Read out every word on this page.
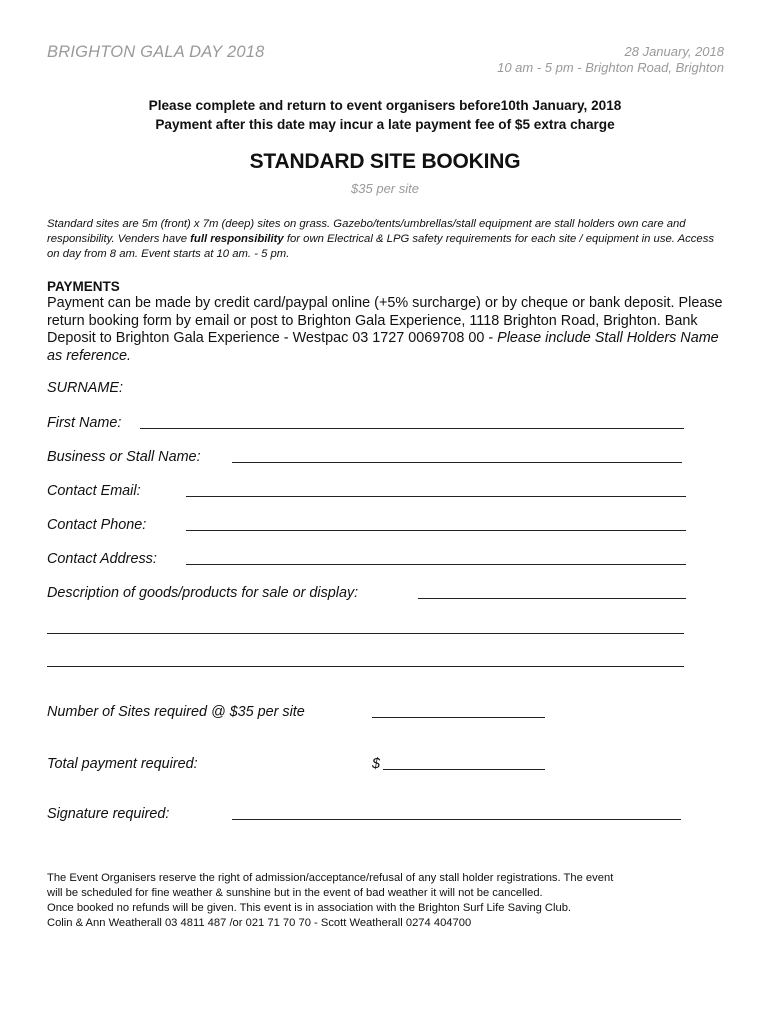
BRIGHTON GALA DAY 2018	28 January, 2018
10 am - 5 pm - Brighton Road, Brighton
Please complete and return to event organisers before10th January, 2018
Payment after this date may incur a late payment fee of $5 extra charge
STANDARD SITE BOOKING
$35 per site
Standard sites are 5m (front) x 7m (deep) sites on grass. Gazebo/tents/umbrellas/stall equipment are stall holders own care and responsibility. Venders have full responsibility for own Electrical & LPG safety requirements for each site / equipment in use. Access on day from 8 am. Event starts at 10 am. - 5 pm.
PAYMENTS
Payment can be made by credit card/paypal online (+5% surcharge) or by cheque or bank deposit. Please return booking form by email or post to Brighton Gala Experience, 1118 Brighton Road, Brighton. Bank Deposit to Brighton Gala Experience - Westpac 03 1727 0069708 00 - Please include Stall Holders Name as reference.
SURNAME:
First Name:
Business or Stall Name:
Contact Email:
Contact Phone:
Contact Address:
Description of goods/products for sale or display:
Number of Sites required @ $35 per site
Total payment required:	$
Signature required:
The Event Organisers reserve the right of admission/acceptance/refusal of any stall holder registrations. The event
will be scheduled for fine weather & sunshine but in the event of bad weather it will not be cancelled.
Once booked no refunds will be given. This event is in association with the Brighton Surf Life Saving Club.
Colin & Ann Weatherall 03 4811 487 /or 021 71 70 70 - Scott Weatherall 0274 404700
